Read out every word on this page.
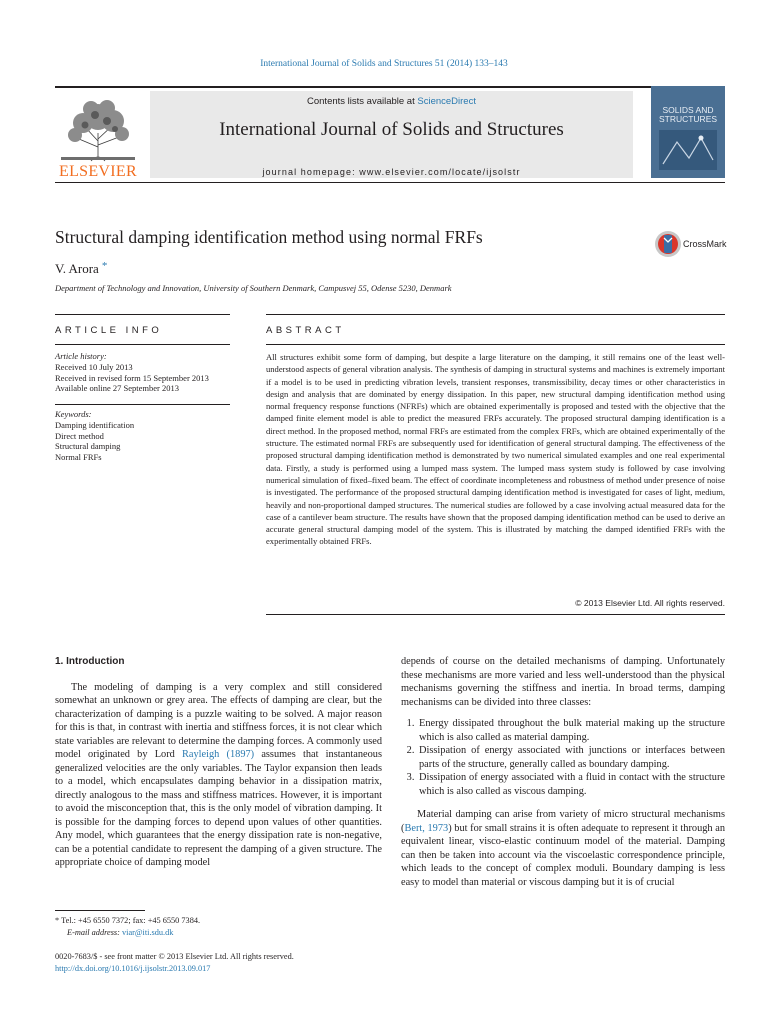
International Journal of Solids and Structures 51 (2014) 133–143
ELSEVIER
Contents lists available at ScienceDirect
International Journal of Solids and Structures
journal homepage: www.elsevier.com/locate/ijsolstr
SOLIDS AND STRUCTURES
Structural damping identification method using normal FRFs	CrossMark
V. Arora *
Department of Technology and Innovation, University of Southern Denmark, Campusvej 55, Odense 5230, Denmark
ARTICLE INFO	ABSTRACT
Article history:
Received 10 July 2013
Received in revised form 15 September 2013
Available online 27 September 2013
Keywords:
Damping identification
Direct method
Structural damping
Normal FRFs
All structures exhibit some form of damping, but despite a large literature on the damping, it still remains one of the least well-understood aspects of general vibration analysis. The synthesis of damping in structural systems and machines is extremely important if a model is to be used in predicting vibration levels, transient responses, transmissibility, decay times or other characteristics in design and analysis that are dominated by energy dissipation. In this paper, new structural damping identification method using normal frequency response functions (NFRFs) which are obtained experimentally is proposed and tested with the objective that the damped finite element model is able to predict the measured FRFs accurately. The proposed structural damping identification is a direct method. In the proposed method, normal FRFs are estimated from the complex FRFs, which are obtained experimentally of the structure. The estimated normal FRFs are subsequently used for identification of general structural damping. The effectiveness of the proposed structural damping identification method is demonstrated by two numerical simulated examples and one real experimental data. Firstly, a study is performed using a lumped mass system. The lumped mass system study is followed by case involving numerical simulation of fixed–fixed beam. The effect of coordinate incompleteness and robustness of method under presence of noise is investigated. The performance of the proposed structural damping identification method is investigated for cases of light, medium, heavily and non-proportional damped structures. The numerical studies are followed by a case involving actual measured data for the case of a cantilever beam structure. The results have shown that the proposed damping identification method can be used to derive an accurate general structural damping model of the system. This is illustrated by matching the damped identified FRFs with the experimentally obtained FRFs.
© 2013 Elsevier Ltd. All rights reserved.
1. Introduction

The modeling of damping is a very complex and still considered somewhat an unknown or grey area. The effects of damping are clear, but the characterization of damping is a puzzle waiting to be solved. A major reason for this is that, in contrast with inertia and stiffness forces, it is not clear which state variables are relevant to determine the damping forces. A commonly used model originated by Lord Rayleigh (1897) assumes that instantaneous generalized velocities are the only variables. The Taylor expansion then leads to a model, which encapsulates damping behavior in a dissipation matrix, directly analogous to the mass and stiffness matrices. However, it is important to avoid the misconception that, this is the only model of vibration damping. It is possible for the damping forces to depend upon values of other quantities. Any model, which guarantees that the energy dissipation rate is non-negative, can be a potential candidate to represent the damping of a given structure. The appropriate choice of damping model

depends of course on the detailed mechanisms of damping. Unfortunately these mechanisms are more varied and less well-understood than the physical mechanisms governing the stiffness and inertia. In broad terms, damping mechanisms can be divided into three classes:

1. Energy dissipated throughout the bulk material making up the structure which is also called as material damping.
2. Dissipation of energy associated with junctions or interfaces between parts of the structure, generally called as boundary damping.
3. Dissipation of energy associated with a fluid in contact with the structure which is also called as viscous damping.

Material damping can arise from variety of micro structural mechanisms (Bert, 1973) but for small strains it is often adequate to represent it through an equivalent linear, visco-elastic continuum model of the material. Damping can then be taken into account via the viscoelastic correspondence principle, which leads to the concept of complex moduli. Boundary damping is less easy to model than material or viscous damping but it is of crucial

* Tel.: +45 6550 7372; fax: +45 6550 7384.
E-mail address: viar@iti.sdu.dk
0020-7683/$ - see front matter © 2013 Elsevier Ltd. All rights reserved.
http://dx.doi.org/10.1016/j.ijsolstr.2013.09.017
